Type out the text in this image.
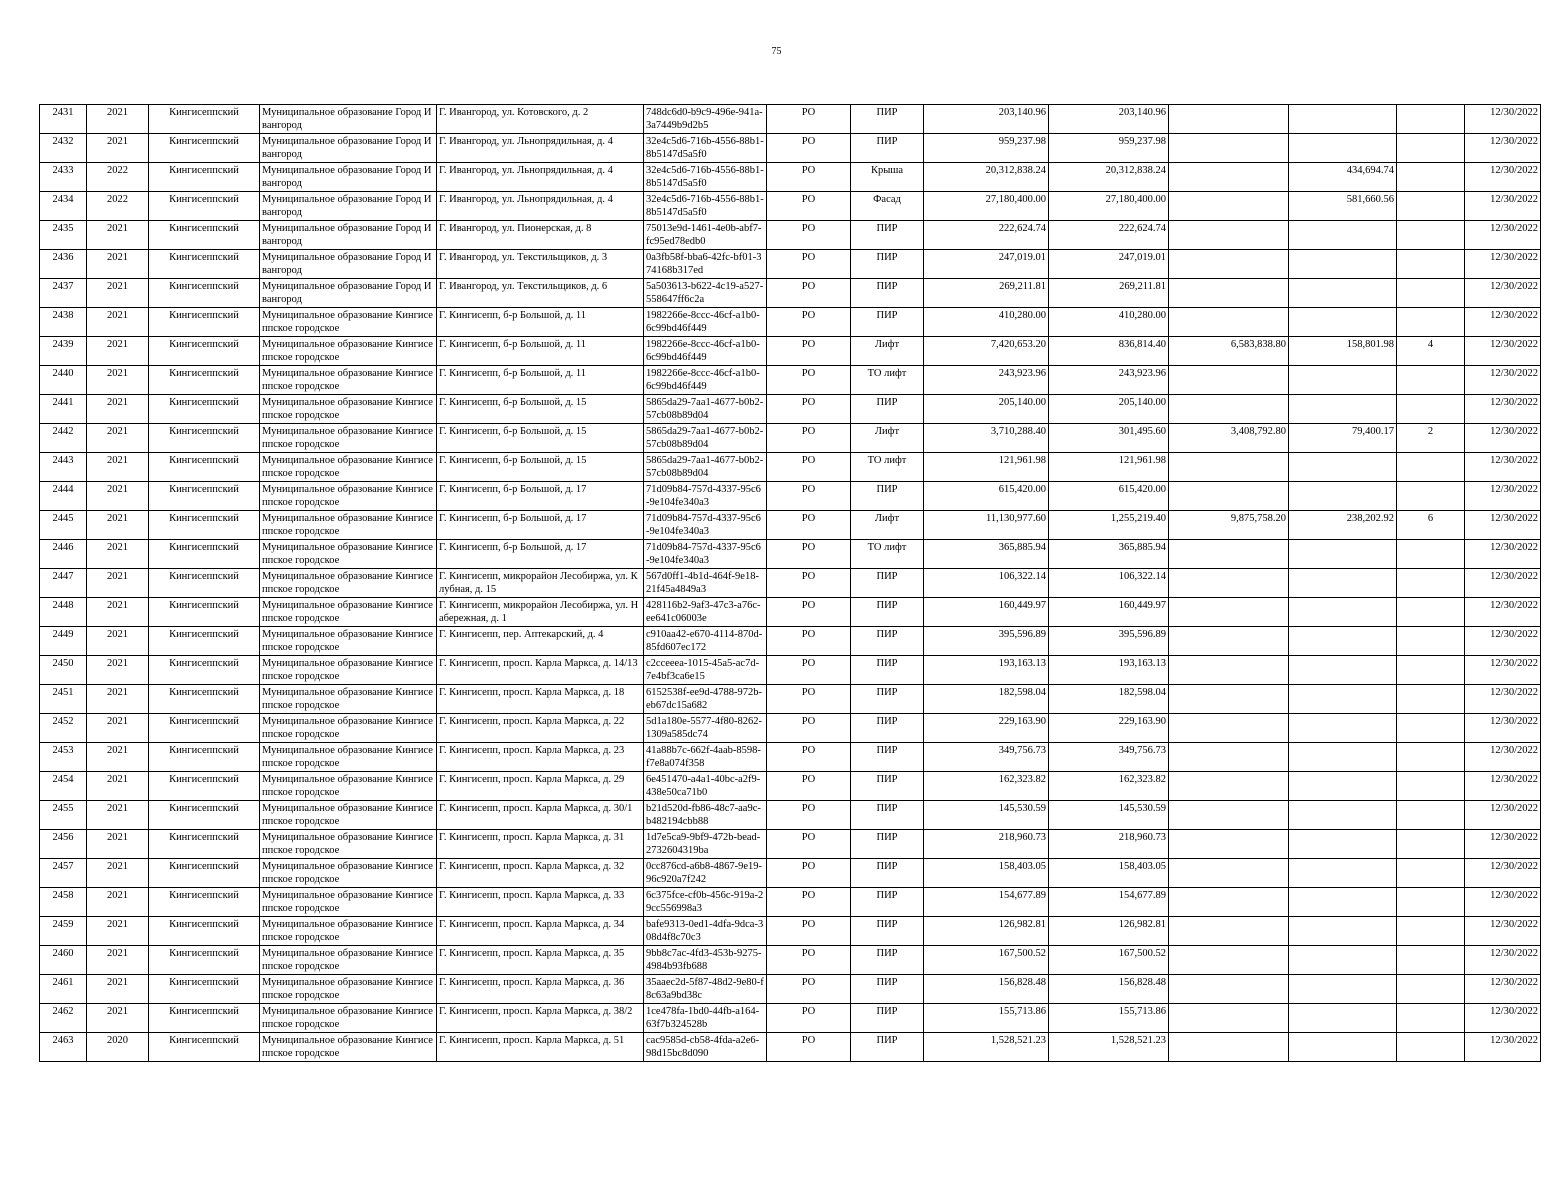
75
2431	2021	Кингисеппский	Муниципальное образование Город Ивангород	Г. Ивангород, ул. Котовского, д. 2	748dc6d0-b9c9-496e-941a-3a7449b9d2b5	РО	ПИР	203,140.96	203,140.96				12/30/2022
2432	2021	Кингисеппский	Муниципальное образование Город Ивангород	Г. Ивангород, ул. Льнопрядильная, д. 4	32e4c5d6-716b-4556-88b1-8b5147d5a5f0	РО	ПИР	959,237.98	959,237.98				12/30/2022
2433	2022	Кингисеппский	Муниципальное образование Город Ивангород	Г. Ивангород, ул. Льнопрядильная, д. 4	32e4c5d6-716b-4556-88b1-8b5147d5a5f0	РО	Крыша	20,312,838.24	20,312,838.24		434,694.74		12/30/2022
2434	2022	Кингисеппский	Муниципальное образование Город Ивангород	Г. Ивангород, ул. Льнопрядильная, д. 4	32e4c5d6-716b-4556-88b1-8b5147d5a5f0	РО	Фасад	27,180,400.00	27,180,400.00		581,660.56		12/30/2022
2435	2021	Кингисеппский	Муниципальное образование Город Ивангород	Г. Ивангород, ул. Пионерская, д. 8	75013e9d-1461-4e0b-abf7-fc95ed78edb0	РО	ПИР	222,624.74	222,624.74				12/30/2022
2436	2021	Кингисеппский	Муниципальное образование Город Ивангород	Г. Ивангород, ул. Текстильщиков, д. 3	0a3fb58f-bba6-42fc-bf01-374168b317ed	РО	ПИР	247,019.01	247,019.01				12/30/2022
2437	2021	Кингисеппский	Муниципальное образование Город Ивангород	Г. Ивангород, ул. Текстильщиков, д. 6	5a503613-b622-4c19-a527-558647ff6c2a	РО	ПИР	269,211.81	269,211.81				12/30/2022
2438	2021	Кингисеппский	Муниципальное образование Кингисеппское городское	Г. Кингисепп, б-р Большой, д. 11	1982266e-8ccc-46cf-a1b0-6c99bd46f449	РО	ПИР	410,280.00	410,280.00				12/30/2022
2439	2021	Кингисеппский	Муниципальное образование Кингисеппское городское	Г. Кингисепп, б-р Большой, д. 11	1982266e-8ccc-46cf-a1b0-6c99bd46f449	РО	Лифт	7,420,653.20	836,814.40	6,583,838.80	158,801.98	4	12/30/2022
2440	2021	Кингисеппский	Муниципальное образование Кингисеппское городское	Г. Кингисепп, б-р Большой, д. 11	1982266e-8ccc-46cf-a1b0-6c99bd46f449	РО	ТО лифт	243,923.96	243,923.96				12/30/2022
2441	2021	Кингисеппский	Муниципальное образование Кингисеппское городское	Г. Кингисепп, б-р Большой, д. 15	5865da29-7aa1-4677-b0b2-57cb08b89d04	РО	ПИР	205,140.00	205,140.00				12/30/2022
2442	2021	Кингисеппский	Муниципальное образование Кингисеппское городское	Г. Кингисепп, б-р Большой, д. 15	5865da29-7aa1-4677-b0b2-57cb08b89d04	РО	Лифт	3,710,288.40	301,495.60	3,408,792.80	79,400.17	2	12/30/2022
2443	2021	Кингисеппский	Муниципальное образование Кингисеппское городское	Г. Кингисепп, б-р Большой, д. 15	5865da29-7aa1-4677-b0b2-57cb08b89d04	РО	ТО лифт	121,961.98	121,961.98				12/30/2022
2444	2021	Кингисеппский	Муниципальное образование Кингисеппское городское	Г. Кингисепп, б-р Большой, д. 17	71d09b84-757d-4337-95c6-9e104fe340a3	РО	ПИР	615,420.00	615,420.00				12/30/2022
2445	2021	Кингисеппский	Муниципальное образование Кингисеппское городское	Г. Кингисепп, б-р Большой, д. 17	71d09b84-757d-4337-95c6-9e104fe340a3	РО	Лифт	11,130,977.60	1,255,219.40	9,875,758.20	238,202.92	6	12/30/2022
2446	2021	Кингисеппский	Муниципальное образование Кингисеппское городское	Г. Кингисепп, б-р Большой, д. 17	71d09b84-757d-4337-95c6-9e104fe340a3	РО	ТО лифт	365,885.94	365,885.94				12/30/2022
2447	2021	Кингисеппский	Муниципальное образование Кингисеппское городское	Г. Кингисепп, микрорайон Лесобиржа, ул. Клубная, д. 15	567d0ff1-4b1d-464f-9e18-21f45a4849a3	РО	ПИР	106,322.14	106,322.14				12/30/2022
2448	2021	Кингисеппский	Муниципальное образование Кингисеппское городское	Г. Кингисепп, микрорайон Лесобиржа, ул. Набережная, д. 1	428116b2-9af3-47c3-a76c-ee641c06003e	РО	ПИР	160,449.97	160,449.97				12/30/2022
2449	2021	Кингисеппский	Муниципальное образование Кингисеппское городское	Г. Кингисепп, пер. Аптекарский, д. 4	c910aa42-e670-4114-870d-85fd607ec172	РО	ПИР	395,596.89	395,596.89				12/30/2022
2450	2021	Кингисеппский	Муниципальное образование Кингисеппское городское	Г. Кингисепп, просп. Карла Маркса, д. 14/13	c2cceeea-1015-45a5-ac7d-7e4bf3ca6e15	РО	ПИР	193,163.13	193,163.13				12/30/2022
2451	2021	Кингисеппский	Муниципальное образование Кингисеппское городское	Г. Кингисепп, просп. Карла Маркса, д. 18	6152538f-ee9d-4788-972b-eb67dc15a682	РО	ПИР	182,598.04	182,598.04				12/30/2022
2452	2021	Кингисеппский	Муниципальное образование Кингисеппское городское	Г. Кингисепп, просп. Карла Маркса, д. 22	5d1a180e-5577-4f80-8262-1309a585dc74	РО	ПИР	229,163.90	229,163.90				12/30/2022
2453	2021	Кингисеппский	Муниципальное образование Кингисеппское городское	Г. Кингисепп, просп. Карла Маркса, д. 23	41a88b7c-662f-4aab-8598-f7e8a074f358	РО	ПИР	349,756.73	349,756.73				12/30/2022
2454	2021	Кингисеппский	Муниципальное образование Кингисеппское городское	Г. Кингисепп, просп. Карла Маркса, д. 29	6e451470-a4a1-40bc-a2f9-438e50ca71b0	РО	ПИР	162,323.82	162,323.82				12/30/2022
2455	2021	Кингисеппский	Муниципальное образование Кингисеппское городское	Г. Кингисепп, просп. Карла Маркса, д. 30/1	b21d520d-fb86-48c7-aa9c-b482194cbb88	РО	ПИР	145,530.59	145,530.59				12/30/2022
2456	2021	Кингисеппский	Муниципальное образование Кингисеппское городское	Г. Кингисепп, просп. Карла Маркса, д. 31	1d7e5ca9-9bf9-472b-bead-2732604319ba	РО	ПИР	218,960.73	218,960.73				12/30/2022
2457	2021	Кингисеппский	Муниципальное образование Кингисеппское городское	Г. Кингисепп, просп. Карла Маркса, д. 32	0cc876cd-a6b8-4867-9e19-96c920a7f242	РО	ПИР	158,403.05	158,403.05				12/30/2022
2458	2021	Кингисеппский	Муниципальное образование Кингисеппское городское	Г. Кингисепп, просп. Карла Маркса, д. 33	6c375fce-cf0b-456c-919a-29cc556998a3	РО	ПИР	154,677.89	154,677.89				12/30/2022
2459	2021	Кингисеппский	Муниципальное образование Кингисеппское городское	Г. Кингисепп, просп. Карла Маркса, д. 34	bafe9313-0ed1-4dfa-9dca-308d4f8c70c3	РО	ПИР	126,982.81	126,982.81				12/30/2022
2460	2021	Кингисеппский	Муниципальное образование Кингисеппское городское	Г. Кингисепп, просп. Карла Маркса, д. 35	9bb8c7ac-4fd3-453b-9275-4984b93fb688	РО	ПИР	167,500.52	167,500.52				12/30/2022
2461	2021	Кингисеппский	Муниципальное образование Кингисеппское городское	Г. Кингисепп, просп. Карла Маркса, д. 36	35aaec2d-5f87-48d2-9e80-f8c63a9bd38c	РО	ПИР	156,828.48	156,828.48				12/30/2022
2462	2021	Кингисеппский	Муниципальное образование Кингисеппское городское	Г. Кингисепп, просп. Карла Маркса, д. 38/2	1ce478fa-1bd0-44fb-a164-63f7b324528b	РО	ПИР	155,713.86	155,713.86				12/30/2022
2463	2020	Кингисеппский	Муниципальное образование Кингисеппское городское	Г. Кингисепп, просп. Карла Маркса, д. 51	cac9585d-cb58-4fda-a2e6-98d15bc8d090	РО	ПИР	1,528,521.23	1,528,521.23				12/30/2022
